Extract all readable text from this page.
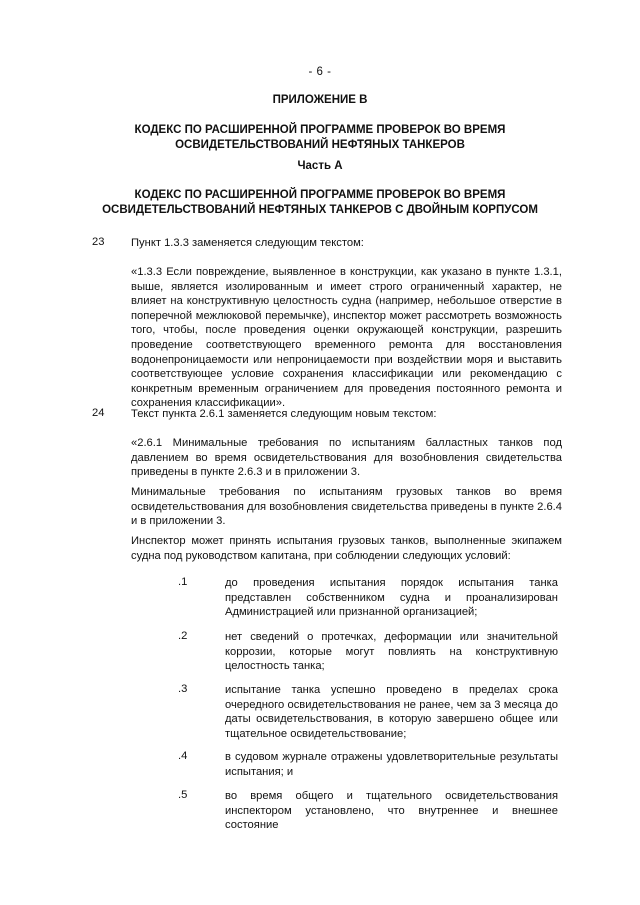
- 6 -
ПРИЛОЖЕНИЕ В
КОДЕКС ПО РАСШИРЕННОЙ ПРОГРАММЕ ПРОВЕРОК ВО ВРЕМЯ
ОСВИДЕТЕЛЬСТВОВАНИЙ НЕФТЯНЫХ ТАНКЕРОВ
Часть A
КОДЕКС ПО РАСШИРЕННОЙ ПРОГРАММЕ ПРОВЕРОК ВО ВРЕМЯ
ОСВИДЕТЕЛЬСТВОВАНИЙ НЕФТЯНЫХ ТАНКЕРОВ С ДВОЙНЫМ КОРПУСОМ
23 Пункт 1.3.3 заменяется следующим текстом:
«1.3.3 Если повреждение, выявленное в конструкции, как указано в пункте 1.3.1, выше, является изолированным и имеет строго ограниченный характер, не влияет на конструктивную целостность судна (например, небольшое отверстие в поперечной межлюковой перемычке), инспектор может рассмотреть возможность того, чтобы, после проведения оценки окружающей конструкции, разрешить проведение соответствующего временного ремонта для восстановления водонепроницаемости или непроницаемости при воздействии моря и выставить соответствующее условие сохранения классификации или рекомендацию с конкретным временным ограничением для проведения постоянного ремонта и сохранения классификации».
24 Текст пункта 2.6.1 заменяется следующим новым текстом:
«2.6.1 Минимальные требования по испытаниям балластных танков под давлением во время освидетельствования для возобновления свидетельства приведены в пункте 2.6.3 и в приложении 3.
Минимальные требования по испытаниям грузовых танков во время освидетельствования для возобновления свидетельства приведены в пункте 2.6.4 и в приложении 3.
Инспектор может принять испытания грузовых танков, выполненные экипажем судна под руководством капитана, при соблюдении следующих условий:
.1	до проведения испытания порядок испытания танка представлен собственником судна и проанализирован Администрацией или признанной организацией;
.2	нет сведений о протечках, деформации или значительной коррозии, которые могут повлиять на конструктивную целостность танка;
.3	испытание танка успешно проведено в пределах срока очередного освидетельствования не ранее, чем за 3 месяца до даты освидетельствования, в которую завершено общее или тщательное освидетельствование;
.4	в судовом журнале отражены удовлетворительные результаты испытания; и
.5	во время общего и тщательного освидетельствования инспектором установлено, что внутреннее и внешнее состояние
